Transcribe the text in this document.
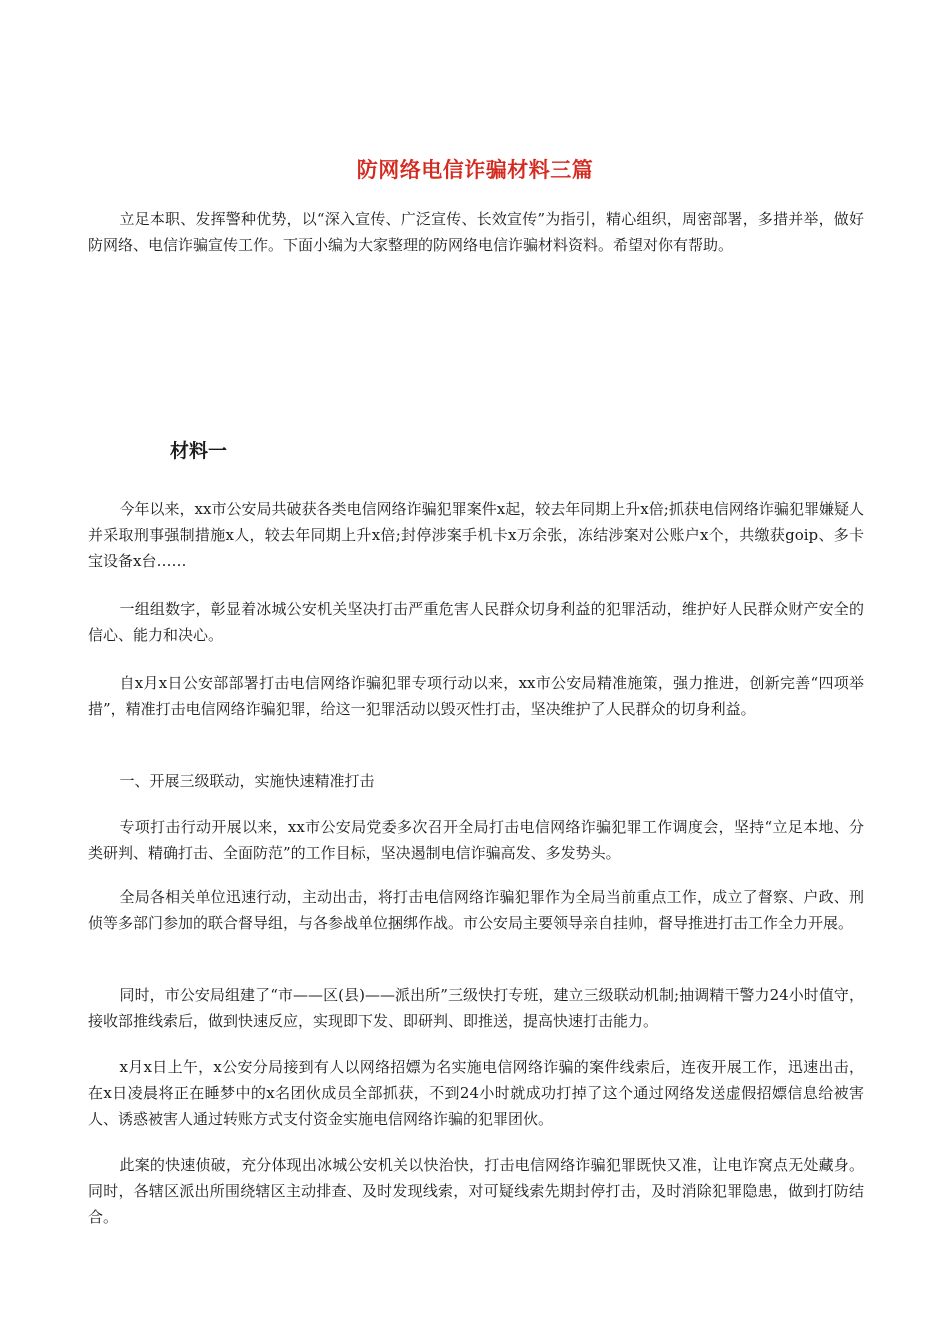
防网络电信诈骗材料三篇

立足本职、发挥警种优势，以“深入宣传、广泛宣传、长效宣传”为指引，精心组织，周密部署，多措并举，做好防网络、电信诈骗宣传工作。下面小编为大家整理的防网络电信诈骗材料资料。希望对你有帮助。

材料一

今年以来，xx市公安局共破获各类电信网络诈骗犯罪案件x起，较去年同期上升x倍;抓获电信网络诈骗犯罪嫌疑人并采取刑事强制措施x人，较去年同期上升x倍;封停涉案手机卡x万余张，冻结涉案对公账户x个，共缴获goip、多卡宝设备x台……

一组组数字，彰显着冰城公安机关坚决打击严重危害人民群众切身利益的犯罪活动，维护好人民群众财产安全的信心、能力和决心。

自x月x日公安部部署打击电信网络诈骗犯罪专项行动以来，xx市公安局精准施策，强力推进，创新完善“四项举措”，精准打击电信网络诈骗犯罪，给这一犯罪活动以毁灭性打击，坚决维护了人民群众的切身利益。

一、开展三级联动，实施快速精准打击

专项打击行动开展以来，xx市公安局党委多次召开全局打击电信网络诈骗犯罪工作调度会，坚持“立足本地、分类研判、精确打击、全面防范”的工作目标，坚决遏制电信诈骗高发、多发势头。

全局各相关单位迅速行动，主动出击，将打击电信网络诈骗犯罪作为全局当前重点工作，成立了督察、户政、刑侦等多部门参加的联合督导组，与各参战单位捆绑作战。市公安局主要领导亲自挂帅，督导推进打击工作全力开展。

同时，市公安局组建了“市——区(县)——派出所”三级快打专班，建立三级联动机制;抽调精干警力24小时值守，接收部推线索后，做到快速反应，实现即下发、即研判、即推送，提高快速打击能力。

x月x日上午，x公安分局接到有人以网络招嫖为名实施电信网络诈骗的案件线索后，连夜开展工作，迅速出击，在x日凌晨将正在睡梦中的x名团伙成员全部抓获，不到24小时就成功打掉了这个通过网络发送虚假招嫖信息给被害人、诱惑被害人通过转账方式支付资金实施电信网络诈骗的犯罪团伙。

此案的快速侦破，充分体现出冰城公安机关以快治快，打击电信网络诈骗犯罪既快又准，让电诈窝点无处藏身。同时，各辖区派出所围绕辖区主动排查、及时发现线索，对可疑线索先期封停打击，及时消除犯罪隐患，做到打防结合。
